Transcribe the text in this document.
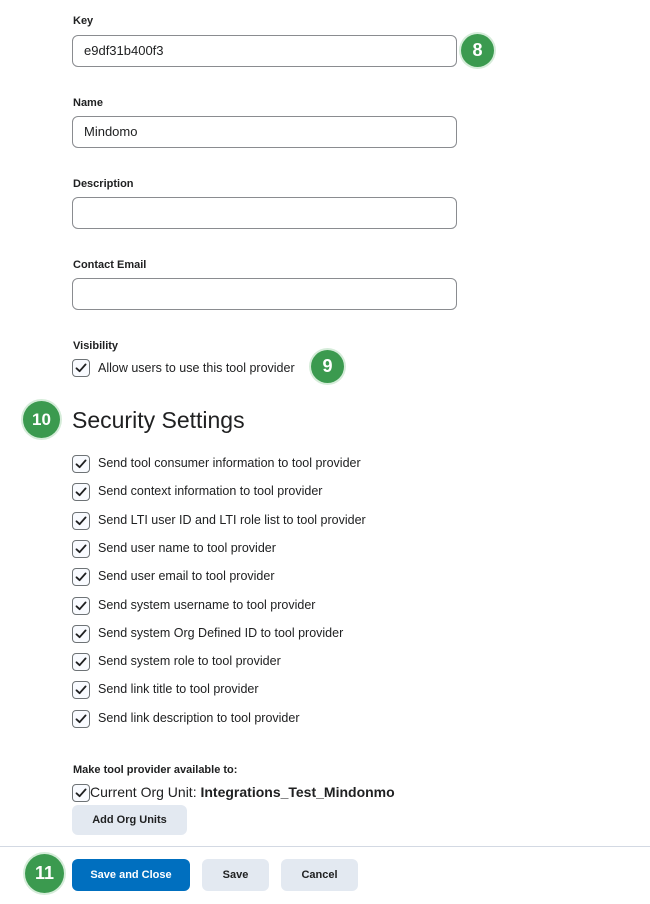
Key
e9df31b400f3	8
Name
Mindomo
Description
Contact Email
Visibility
Allow users to use this tool provider	9
10 Security Settings
Send tool consumer information to tool provider
Send context information to tool provider
Send LTI user ID and LTI role list to tool provider
Send user name to tool provider
Send user email to tool provider
Send system username to tool provider
Send system Org Defined ID to tool provider
Send system role to tool provider
Send link title to tool provider
Send link description to tool provider
Make tool provider available to:
Current Org Unit: Integrations_Test_Mindonmo
Add Org Units
11	Save and Close	Save	Cancel
